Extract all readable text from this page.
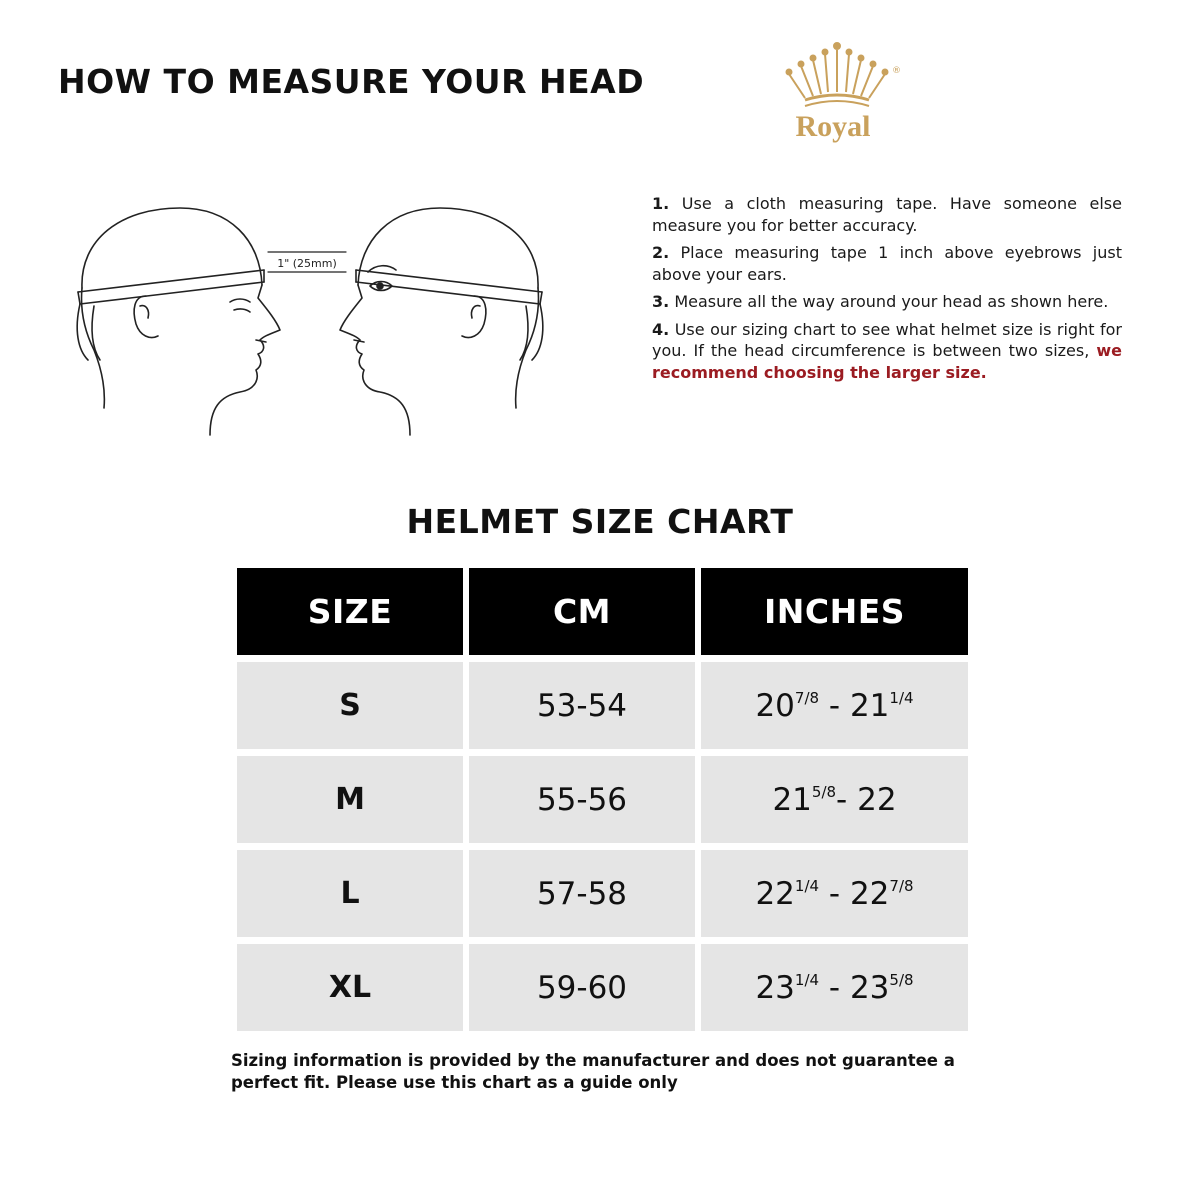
HOW TO MEASURE YOUR HEAD	®
Royal
1" (25mm)
1. Use a cloth measuring tape. Have someone else measure you for better accuracy.
2. Place measuring tape 1 inch above eyebrows just above your ears.
3. Measure all the way around your head as shown here.
4. Use our sizing chart to see what helmet size is right for you. If the head circumference is between two sizes, we recommend choosing the larger size.
HELMET SIZE CHART
SIZE	CM	INCHES
S	53-54	$20^{7/8} - 21^{1/4}$
M	55-56	$21^{5/8}-$ 22
L	57-58	$22^{1/4} - 22^{7/8}$
XL	59-60	$23^{1/4} - 23^{5/8}$

Sizing information is provided by the manufacturer and does not guarantee a perfect fit. Please use this chart as a guide only
